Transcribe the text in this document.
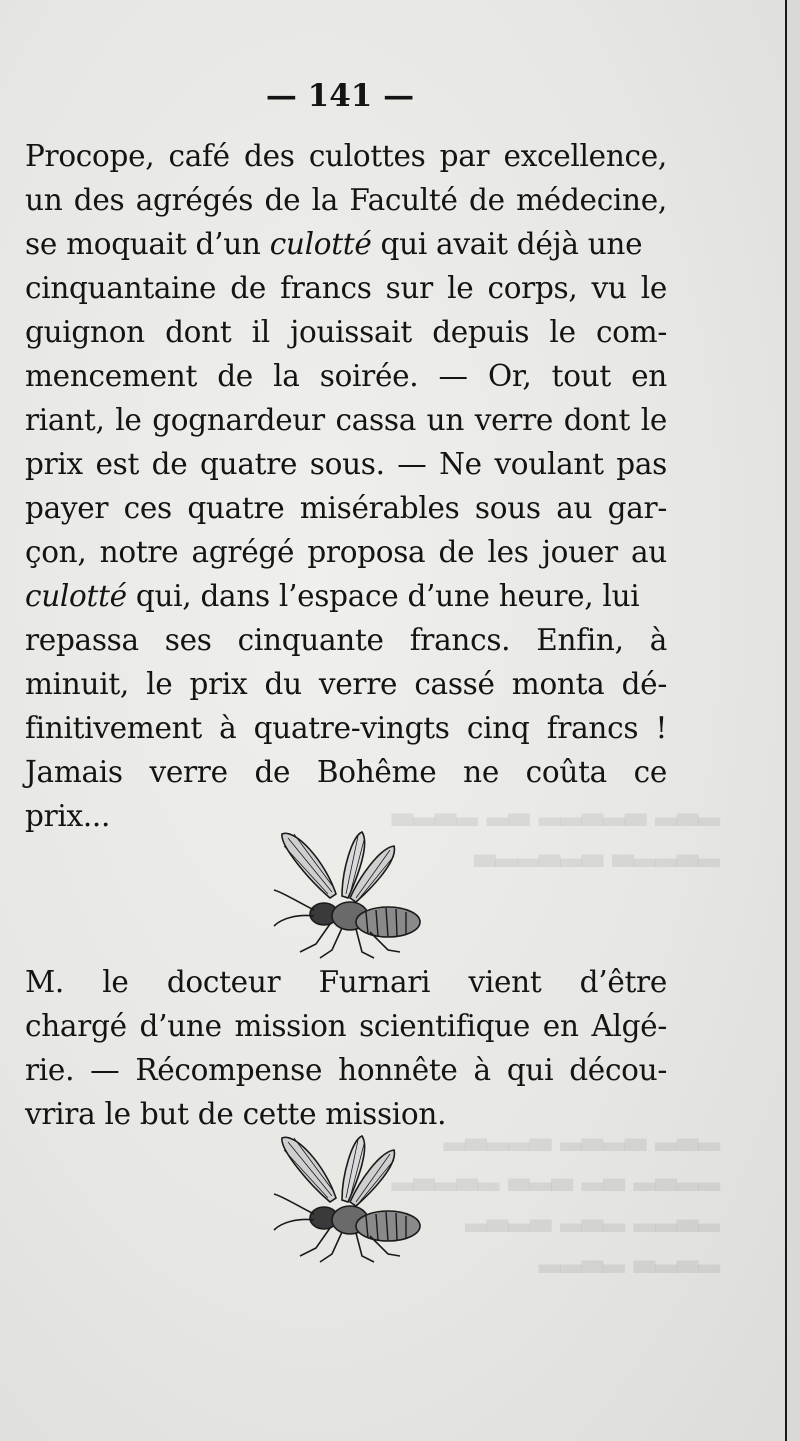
▂▃▂ ▃▂▃▂▂ ▃▂ ▂▃▂▃
▂▃▂▂▃ ▃▂▃▂▂▃

▂▃▂ ▃▂▃▂ ▃▂▂▃▂
▂▂▃▂ ▃▂ ▃▂▃ ▂▃▂▃▂
▂▃▂▂ ▂▃▂ ▃▂▃▂
▂▃▂▃ ▂▃▂▂
— 141 —
Procope, café des culottes par excellence,
un des agrégés de la Faculté de médecine,
se moquait d’un culotté qui avait déjà une
cinquantaine de francs sur le corps, vu le
guignon dont il jouissait depuis le com-
mencement de la soirée. — Or, tout en
riant, le gognardeur cassa un verre dont le
prix est de quatre sous. — Ne voulant pas
payer ces quatre misérables sous au gar-
çon, notre agrégé proposa de les jouer au
culotté qui, dans l’espace d’une heure, lui
repassa ses cinquante francs. Enfin, à
minuit, le prix du verre cassé monta dé-
finitivement à quatre-vingts cinq francs !
Jamais verre de Bohême ne coûta ce
prix...
M. le docteur Furnari vient d’être
chargé d’une mission scientifique en Algé-
rie. — Récompense honnête à qui décou-
vrira le but de cette mission.
